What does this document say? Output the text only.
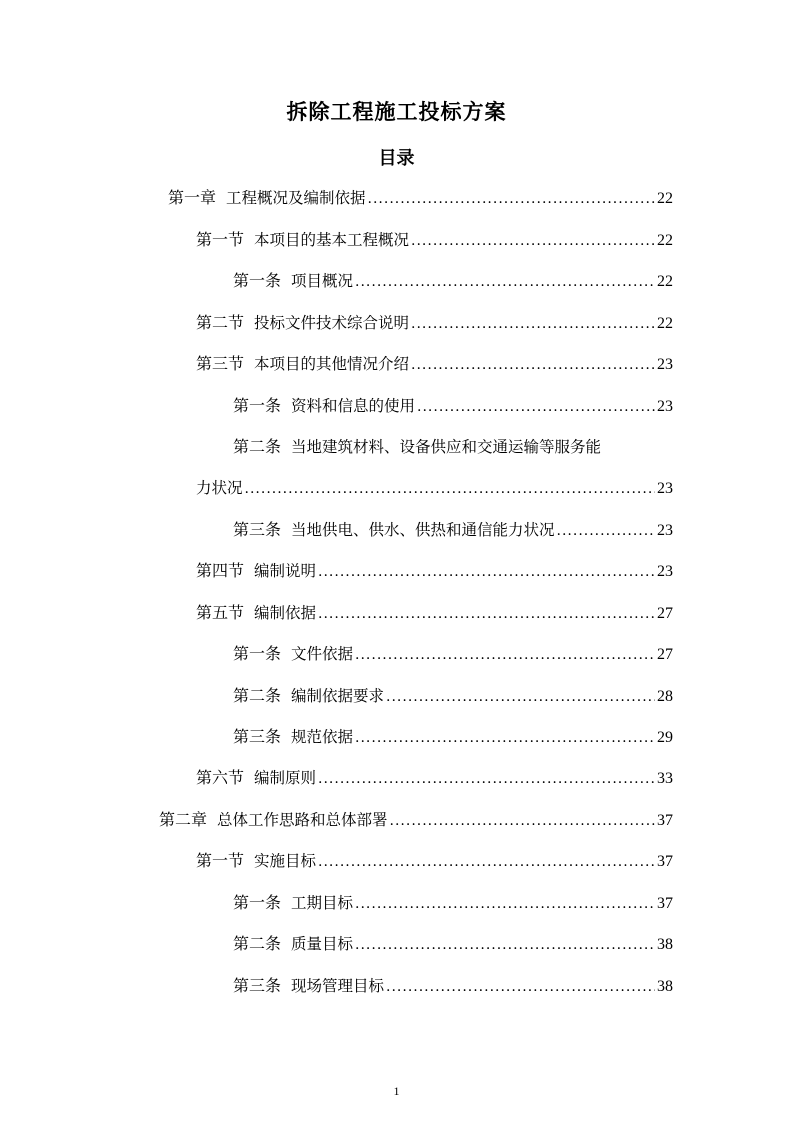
拆除工程施工投标方案
目录
第一章 工程概况及编制依据 .....	22
第一节 本项目的基本工程概况 .....	22
第一条 项目概况 .....	22
第二节 投标文件技术综合说明 .....	22
第三节 本项目的其他情况介绍 .....	23
第一条 资料和信息的使用 .....	23
第二条 当地建筑材料、设备供应和交通运输等服务能
力状况 .....	23
第三条 当地供电、供水、供热和通信能力状况 .....	23
第四节 编制说明 .....	23
第五节 编制依据 .....	27
第一条 文件依据 .....	27
第二条 编制依据要求 .....	28
第三条 规范依据 .....	29
第六节 编制原则 .....	33
第二章 总体工作思路和总体部署 .....	37
第一节 实施目标 .....	37
第一条 工期目标 .....	37
第二条 质量目标 .....	38
第三条 现场管理目标 .....	38
1
